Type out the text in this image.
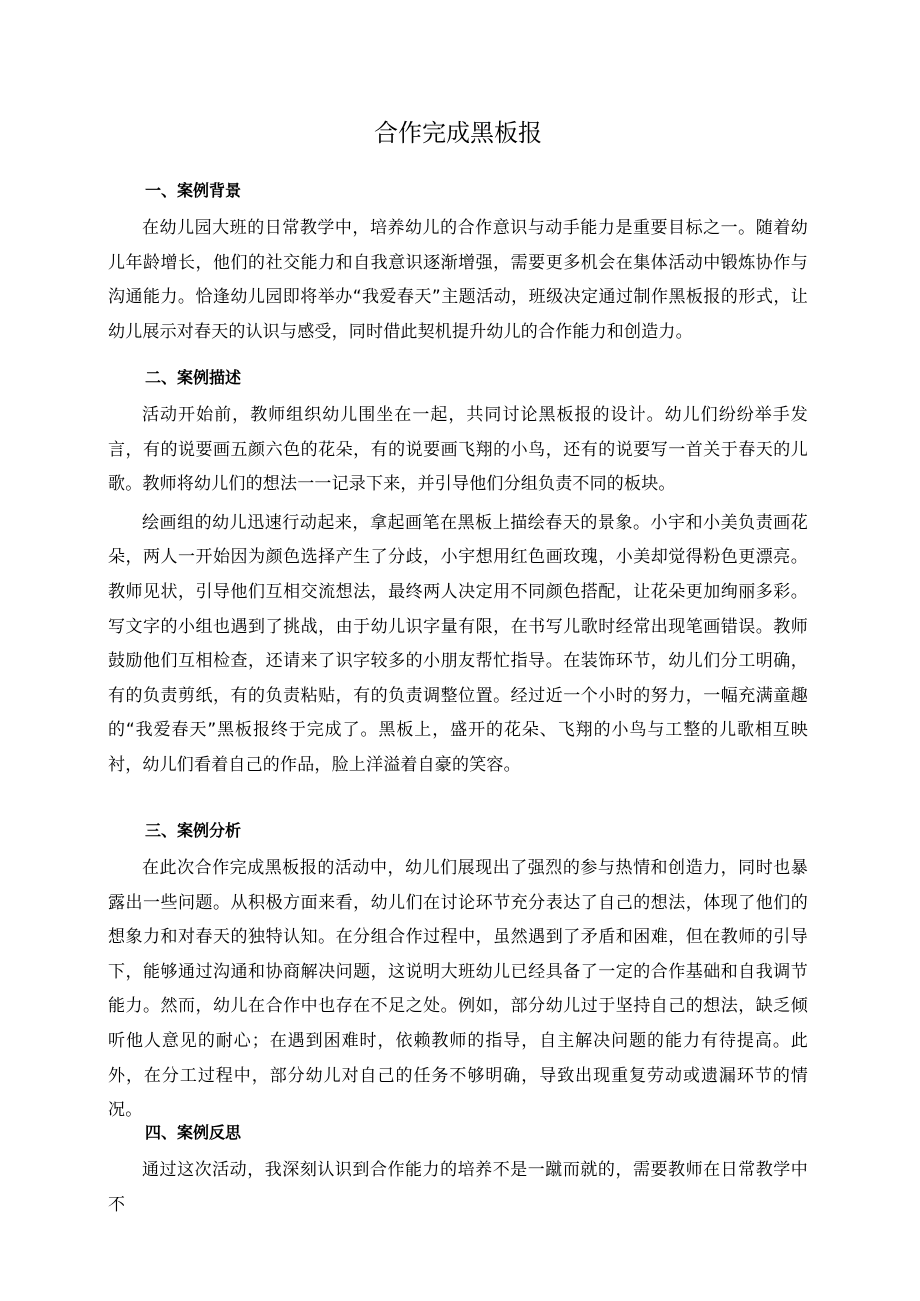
合作完成黑板报
一、案例背景

在幼儿园大班的日常教学中，培养幼儿的合作意识与动手能力是重要目标之一。随着幼儿年龄增长，他们的社交能力和自我意识逐渐增强，需要更多机会在集体活动中锻炼协作与沟通能力。恰逢幼儿园即将举办“我爱春天”主题活动，班级决定通过制作黑板报的形式，让幼儿展示对春天的认识与感受，同时借此契机提升幼儿的合作能力和创造力。

二、案例描述

活动开始前，教师组织幼儿围坐在一起，共同讨论黑板报的设计。幼儿们纷纷举手发言，有的说要画五颜六色的花朵，有的说要画飞翔的小鸟，还有的说要写一首关于春天的儿歌。教师将幼儿们的想法一一记录下来，并引导他们分组负责不同的板块。

绘画组的幼儿迅速行动起来，拿起画笔在黑板上描绘春天的景象。小宇和小美负责画花朵，两人一开始因为颜色选择产生了分歧，小宇想用红色画玫瑰，小美却觉得粉色更漂亮。教师见状，引导他们互相交流想法，最终两人决定用不同颜色搭配，让花朵更加绚丽多彩。写文字的小组也遇到了挑战，由于幼儿识字量有限，在书写儿歌时经常出现笔画错误。教师鼓励他们互相检查，还请来了识字较多的小朋友帮忙指导。在装饰环节，幼儿们分工明确，有的负责剪纸，有的负责粘贴，有的负责调整位置。经过近一个小时的努力，一幅充满童趣的“我爱春天”黑板报终于完成了。黑板上，盛开的花朵、飞翔的小鸟与工整的儿歌相互映衬，幼儿们看着自己的作品，脸上洋溢着自豪的笑容。

三、案例分析

在此次合作完成黑板报的活动中，幼儿们展现出了强烈的参与热情和创造力，同时也暴露出一些问题。从积极方面来看，幼儿们在讨论环节充分表达了自己的想法，体现了他们的想象力和对春天的独特认知。在分组合作过程中，虽然遇到了矛盾和困难，但在教师的引导下，能够通过沟通和协商解决问题，这说明大班幼儿已经具备了一定的合作基础和自我调节能力。然而，幼儿在合作中也存在不足之处。例如，部分幼儿过于坚持自己的想法，缺乏倾听他人意见的耐心；在遇到困难时，依赖教师的指导，自主解决问题的能力有待提高。此外，在分工过程中，部分幼儿对自己的任务不够明确，导致出现重复劳动或遗漏环节的情况。

四、案例反思

通过这次活动，我深刻认识到合作能力的培养不是一蹴而就的，需要教师在日常教学中不
